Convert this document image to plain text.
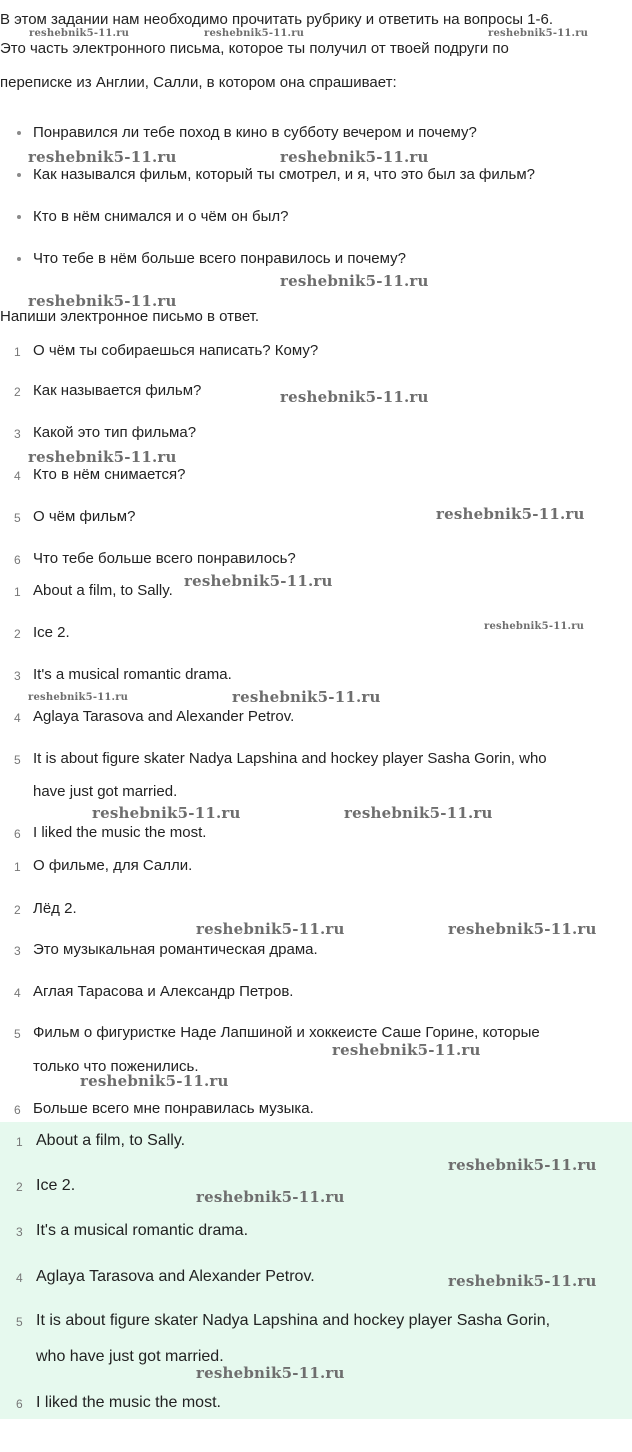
В этом задании нам необходимо прочитать рубрику и ответить на вопросы 1-6.
Это часть электронного письма, которое ты получил от твоей подруги по
переписке из Англии, Салли, в котором она спрашивает:
Понравился ли тебе поход в кино в субботу вечером и почему?
Как назывался фильм, который ты смотрел, и я, что это был за фильм?
Кто в нём снимался и о чём он был?
Что тебе в нём больше всего понравилось и почему?
Напиши электронное письмо в ответ.
1 О чём ты собираешься написать? Кому?
2 Как называется фильм?
3 Какой это тип фильма?
4 Кто в нём снимается?
5 О чём фильм?
6 Что тебе больше всего понравилось?
1 About a film, to Sally.
2 Ice 2.
3 It's a musical romantic drama.
4 Aglaya Tarasova and Alexander Petrov.
5 It is about figure skater Nadya Lapshina and hockey player Sasha Gorin, who
have just got married.
6 I liked the music the most.
1 О фильме, для Салли.
2 Лёд 2.
3 Это музыкальная романтическая драма.
4 Аглая Тарасова и Александр Петров.
5 Фильм о фигуристке Наде Лапшиной и хоккеисте Саше Горине, которые
только что поженились.
6 Больше всего мне понравилась музыка.
1 About a film, to Sally.
2 Ice 2.
3 It's a musical romantic drama.
4 Aglaya Tarasova and Alexander Petrov.
5 It is about figure skater Nadya Lapshina and hockey player Sasha Gorin,
who have just got married.
6 I liked the music the most.
reshebnik5-11.ru	reshebnik5-11.ru	reshebnik5-11.ru
reshebnik5-11.ru	reshebnik5-11.ru
reshebnik5-11.ru
reshebnik5-11.ru
reshebnik5-11.ru
reshebnik5-11.ru
reshebnik5-11.ru
reshebnik5-11.ru
reshebnik5-11.ru
reshebnik5-11.ru	reshebnik5-11.ru
reshebnik5-11.ru	reshebnik5-11.ru
reshebnik5-11.ru	reshebnik5-11.ru
reshebnik5-11.ru
reshebnik5-11.ru
reshebnik5-11.ru
reshebnik5-11.ru
reshebnik5-11.ru
reshebnik5-11.ru
